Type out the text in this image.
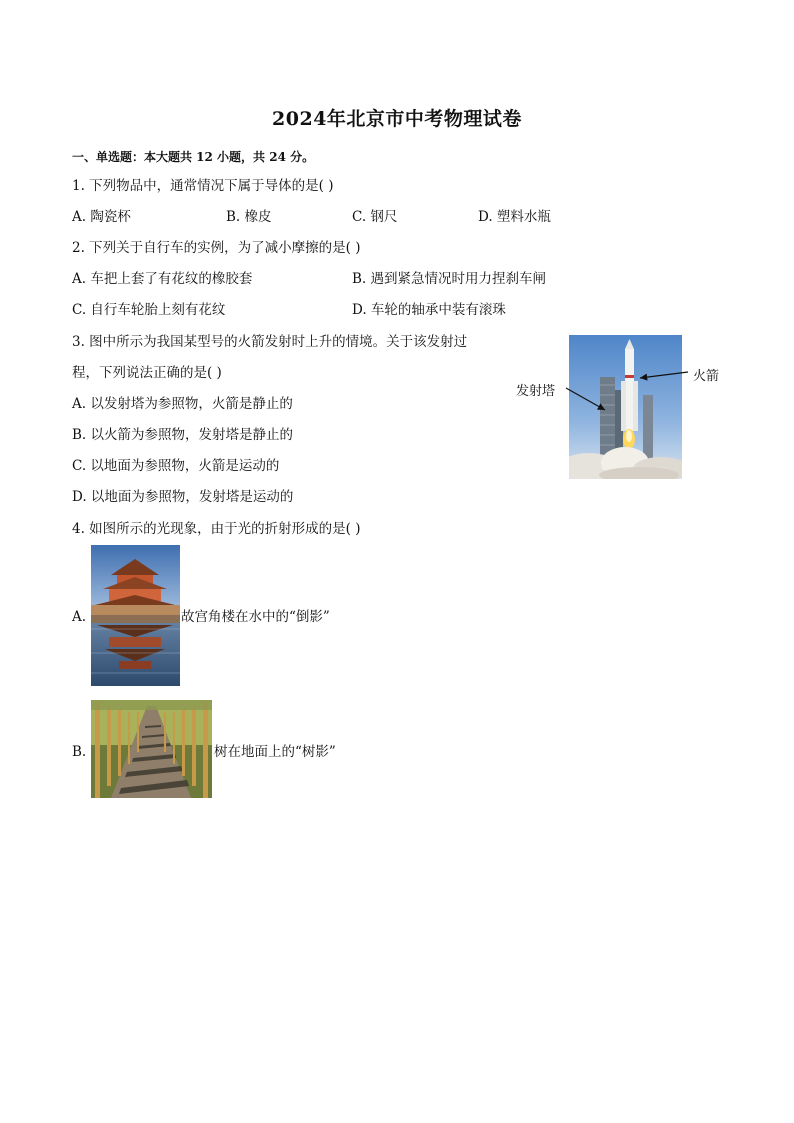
2024年北京市中考物理试卷
一、单选题：本大题共 12 小题，共 24 分。
1. 下列物品中，通常情况下属于导体的是( )
A. 陶瓷杯	B. 橡皮	C. 钢尺	D. 塑料水瓶
2. 下列关于自行车的实例，为了减小摩擦的是( )
A. 车把上套了有花纹的橡胶套	B. 遇到紧急情况时用力捏刹车闸
C. 自行车轮胎上刻有花纹	D. 车轮的轴承中装有滚珠
3. 图中所示为我国某型号的火箭发射时上升的情境。关于该发射过
程，下列说法正确的是( )
A. 以发射塔为参照物，火箭是静止的
B. 以火箭为参照物，发射塔是静止的
C. 以地面为参照物，火箭是运动的
D. 以地面为参照物，发射塔是运动的
发射塔
火箭
4. 如图所示的光现象，由于光的折射形成的是( )
A.	故宫角楼在水中的“倒影”
B.	树在地面上的“树影”
